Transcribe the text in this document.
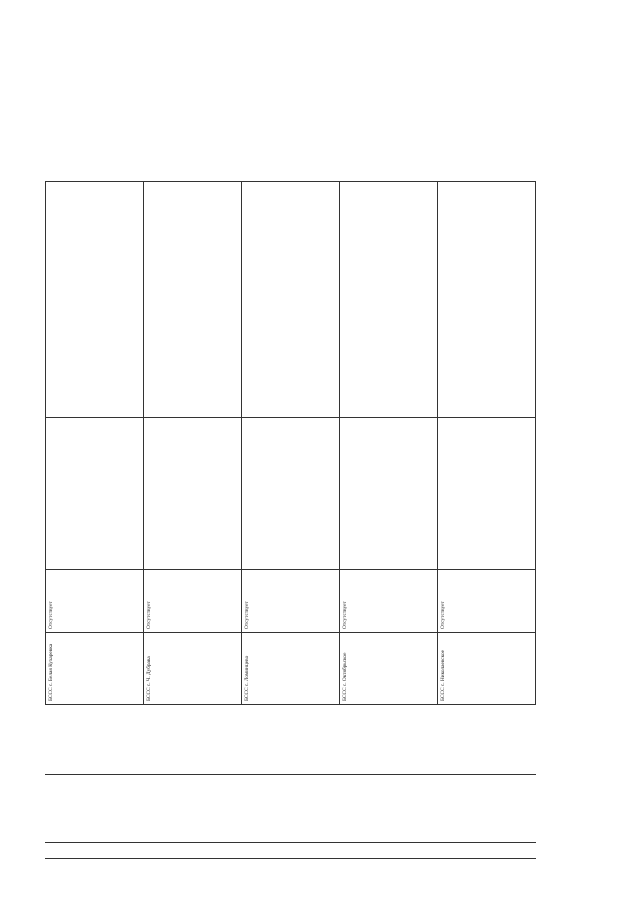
БССС с. Белая Кухаревка	Отсутствует		
БССС с. Ч. Дубрава	Отсутствует		
БССС с. Ломинцево	Отсутствует		
БССС с. Октябрьское	Отсутствует		
БССС с. Николаевское	Отсутствует		
